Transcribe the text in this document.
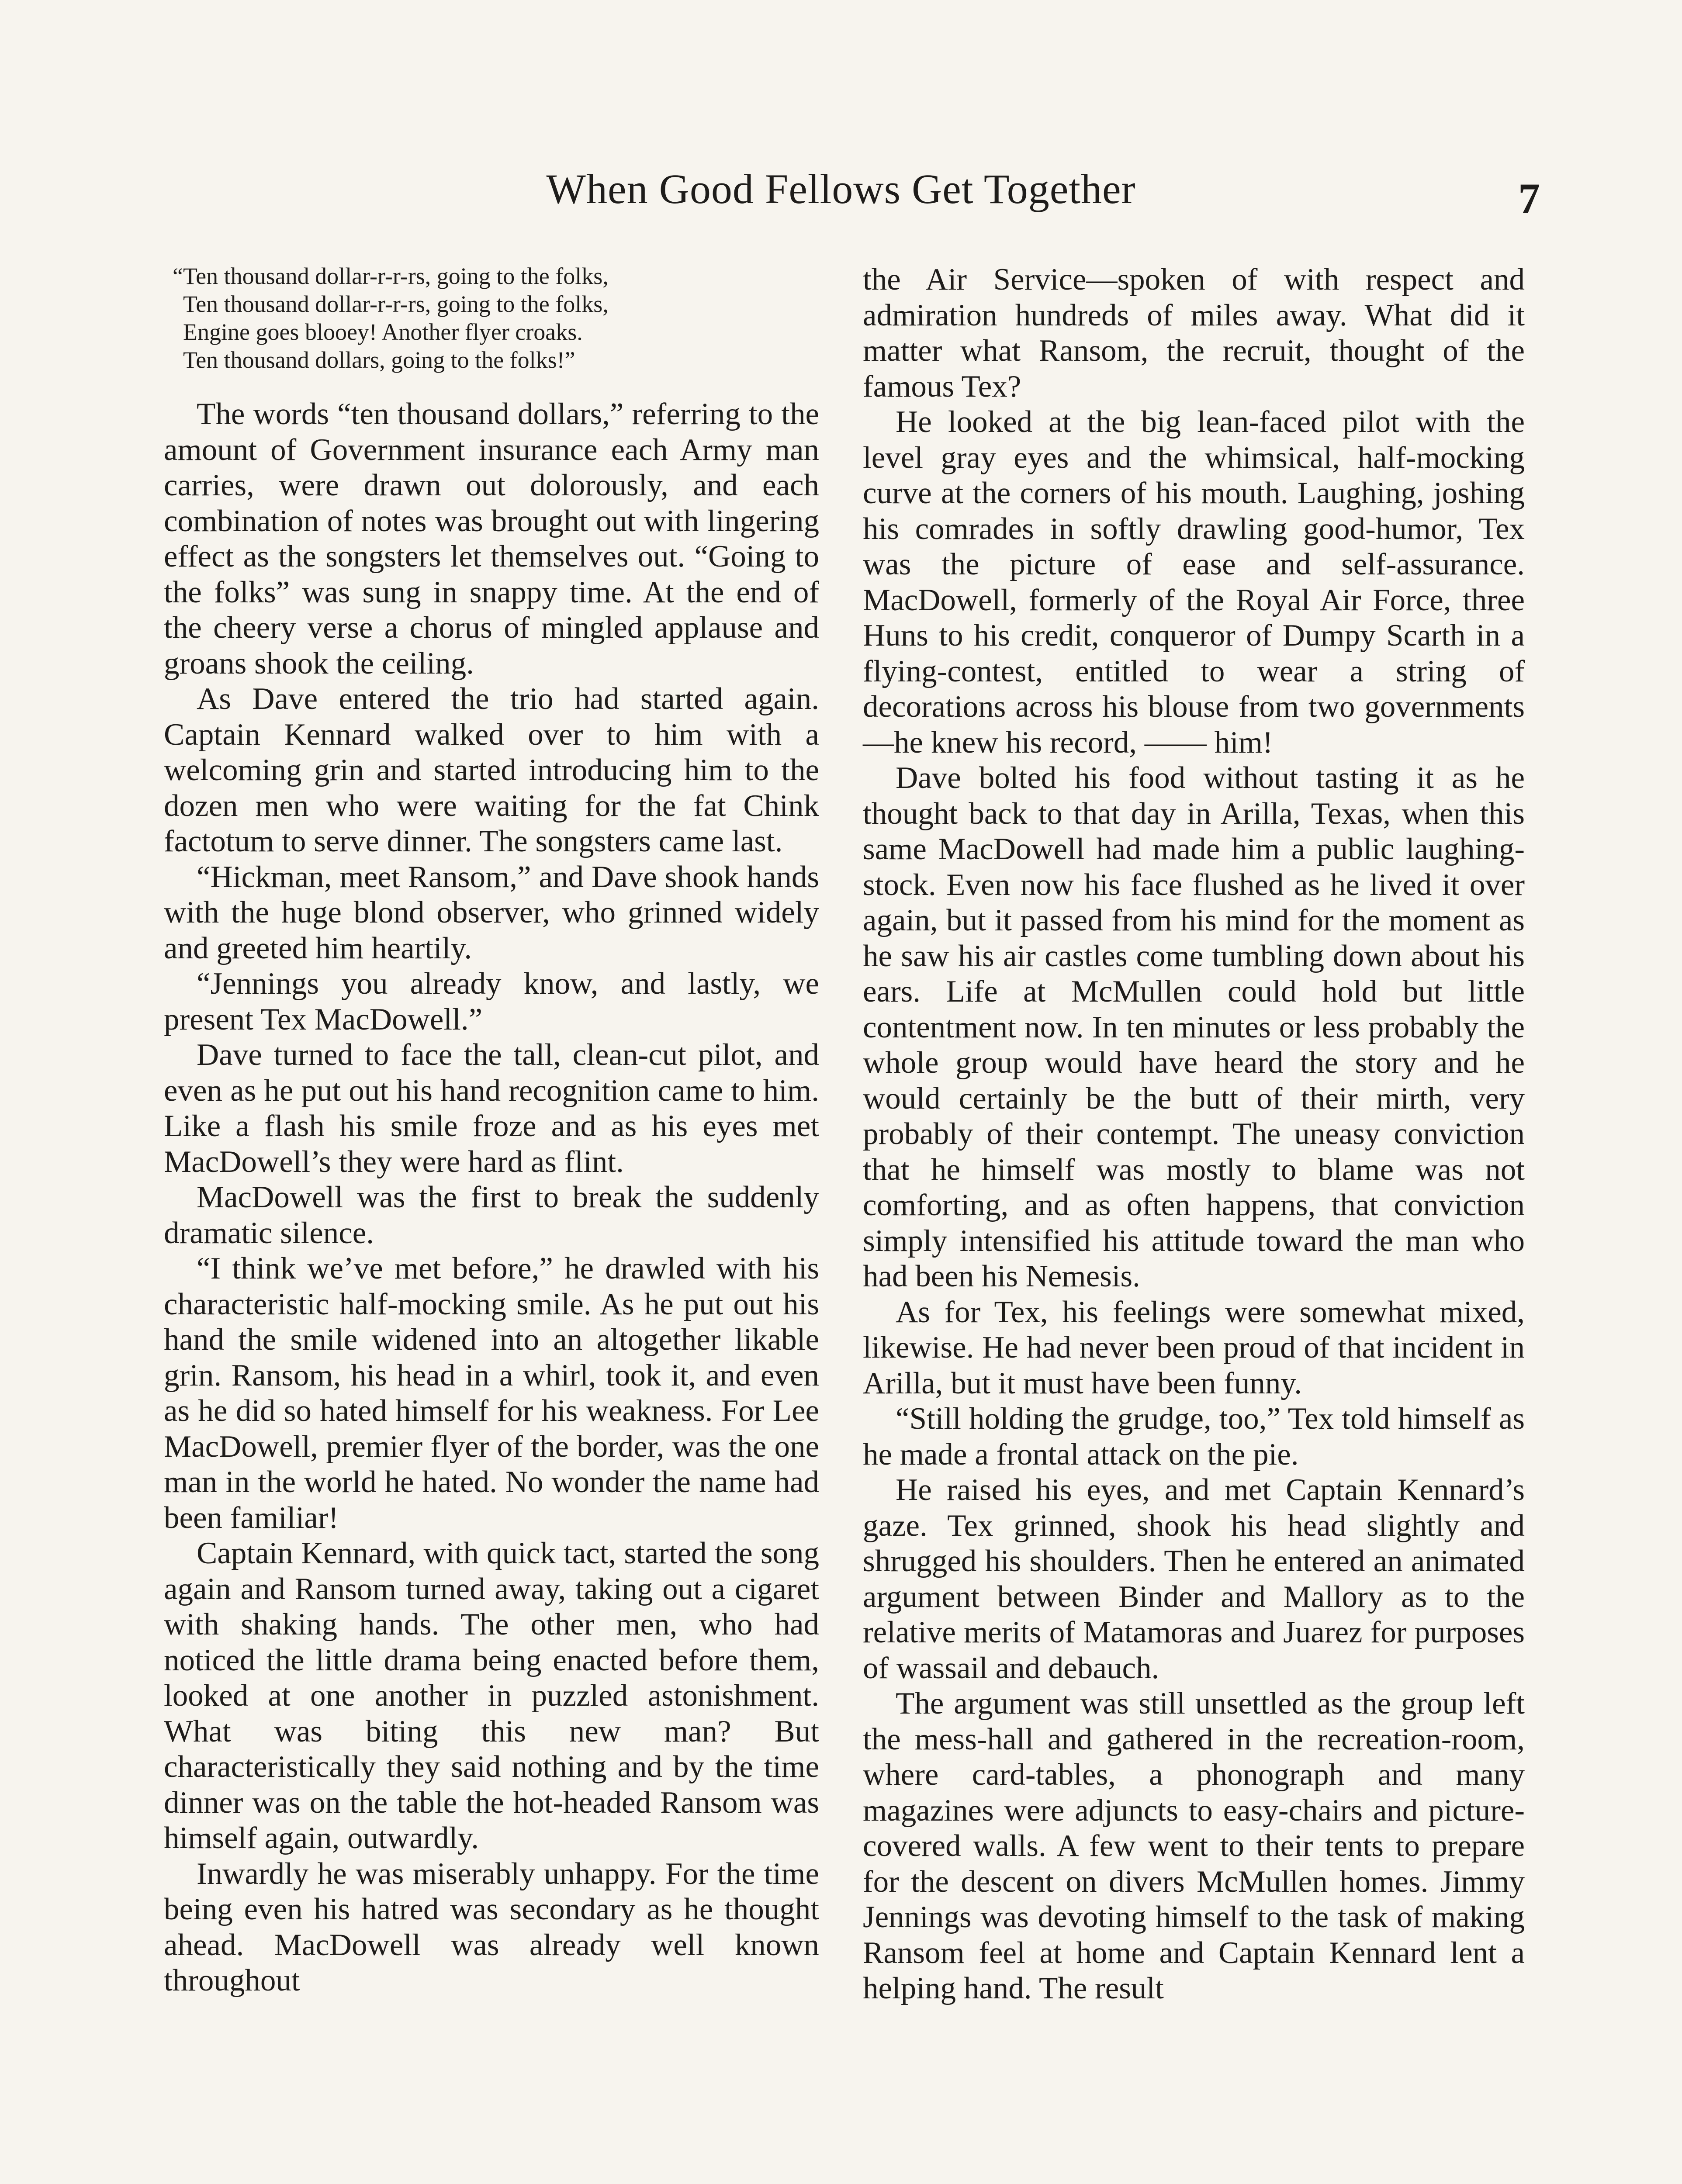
When Good Fellows Get Together	7
“Ten thousand dollar-r-r-rs, going to the folks,
Ten thousand dollar-r-r-rs, going to the folks,
Engine goes blooey! Another flyer croaks.
Ten thousand dollars, going to the folks!”

The words “ten thousand dollars,” referring to the amount of Government insurance each Army man carries, were drawn out dolorously, and each combination of notes was brought out with lingering effect as the songsters let themselves out. “Going to the folks” was sung in snappy time. At the end of the cheery verse a chorus of mingled applause and groans shook the ceiling.

As Dave entered the trio had started again. Captain Kennard walked over to him with a welcoming grin and started introducing him to the dozen men who were waiting for the fat Chink factotum to serve dinner. The songsters came last.

“Hickman, meet Ransom,” and Dave shook hands with the huge blond observer, who grinned widely and greeted him heartily.

“Jennings you already know, and lastly, we present Tex MacDowell.”

Dave turned to face the tall, clean-cut pilot, and even as he put out his hand recognition came to him. Like a flash his smile froze and as his eyes met MacDowell’s they were hard as flint.

MacDowell was the first to break the suddenly dramatic silence.

“I think we’ve met before,” he drawled with his characteristic half-mocking smile. As he put out his hand the smile widened into an altogether likable grin. Ransom, his head in a whirl, took it, and even as he did so hated himself for his weakness. For Lee MacDowell, premier flyer of the border, was the one man in the world he hated. No wonder the name had been familiar!

Captain Kennard, with quick tact, started the song again and Ransom turned away, taking out a cigaret with shaking hands. The other men, who had noticed the little drama being enacted before them, looked at one another in puzzled astonishment. What was biting this new man? But characteristically they said nothing and by the time dinner was on the table the hot-headed Ransom was himself again, outwardly.

Inwardly he was miserably unhappy. For the time being even his hatred was secondary as he thought ahead. MacDowell was already well known throughout

the Air Service—spoken of with respect and admiration hundreds of miles away. What did it matter what Ransom, the recruit, thought of the famous Tex?

He looked at the big lean-faced pilot with the level gray eyes and the whimsical, half-mocking curve at the corners of his mouth. Laughing, joshing his comrades in softly drawling good-humor, Tex was the picture of ease and self-assurance. MacDowell, formerly of the Royal Air Force, three Huns to his credit, conqueror of Dumpy Scarth in a flying-contest, entitled to wear a string of decorations across his blouse from two governments—he knew his record, —— him!

Dave bolted his food without tasting it as he thought back to that day in Arilla, Texas, when this same MacDowell had made him a public laughing-stock. Even now his face flushed as he lived it over again, but it passed from his mind for the moment as he saw his air castles come tumbling down about his ears. Life at McMullen could hold but little contentment now. In ten minutes or less probably the whole group would have heard the story and he would certainly be the butt of their mirth, very probably of their contempt. The uneasy conviction that he himself was mostly to blame was not comforting, and as often happens, that conviction simply intensified his attitude toward the man who had been his Nemesis.

As for Tex, his feelings were somewhat mixed, likewise. He had never been proud of that incident in Arilla, but it must have been funny.

“Still holding the grudge, too,” Tex told himself as he made a frontal attack on the pie.

He raised his eyes, and met Captain Kennard’s gaze. Tex grinned, shook his head slightly and shrugged his shoulders. Then he entered an animated argument between Binder and Mallory as to the relative merits of Matamoras and Juarez for purposes of wassail and debauch.

The argument was still unsettled as the group left the mess-hall and gathered in the recreation-room, where card-tables, a phonograph and many magazines were adjuncts to easy-chairs and picture-covered walls. A few went to their tents to prepare for the descent on divers McMullen homes. Jimmy Jennings was devoting himself to the task of making Ransom feel at home and Captain Kennard lent a helping hand. The result
